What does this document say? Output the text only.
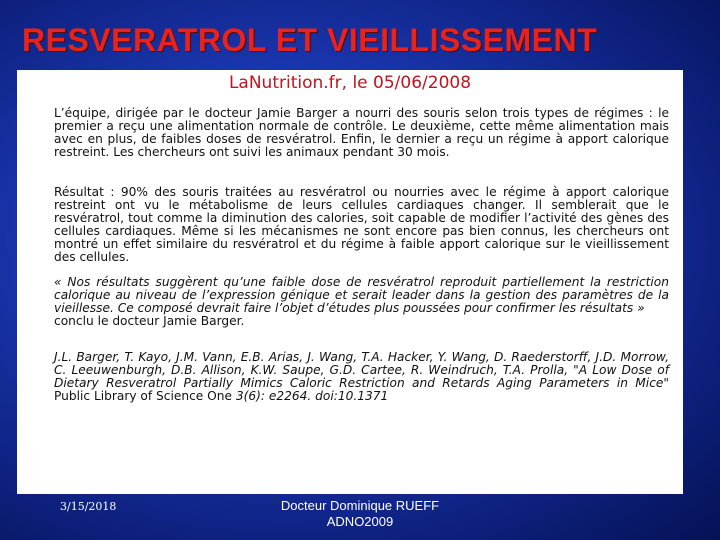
RESVERATROL ET VIEILLISSEMENT
LaNutrition.fr, le 05/06/2008

L’équipe, dirigée par le docteur Jamie Barger a nourri des souris selon trois types de régimes : le premier a reçu une alimentation normale de contrôle. Le deuxième, cette même alimentation mais avec en plus, de faibles doses de resvératrol. Enfin, le dernier a reçu un régime à apport calorique restreint. Les chercheurs ont suivi les animaux pendant 30 mois.

Résultat : 90% des souris traitées au resvératrol ou nourries avec le régime à apport calorique restreint ont vu le métabolisme de leurs cellules cardiaques changer. Il semblerait que le resvératrol, tout comme la diminution des calories, soit capable de modifier l’activité des gènes des cellules cardiaques. Même si les mécanismes ne sont encore pas bien connus, les chercheurs ont montré un effet similaire du resvératrol et du régime à faible apport calorique sur le vieillissement des cellules.

« Nos résultats suggèrent qu’une faible dose de resvératrol reproduit partiellement la restriction calorique au niveau de l’expression génique et serait leader dans la gestion des paramètres de la vieillesse. Ce composé devrait faire l’objet d’études plus poussées pour confirmer les résultats »
conclu le docteur Jamie Barger.

J.L. Barger, T. Kayo, J.M. Vann, E.B. Arias, J. Wang, T.A. Hacker, Y. Wang, D. Raederstorff, J.D. Morrow, C. Leeuwenburgh, D.B. Allison, K.W. Saupe, G.D. Cartee, R. Weindruch, T.A. Prolla, "A Low Dose of Dietary Resveratrol Partially Mimics Caloric Restriction and Retards Aging Parameters in Mice" Public Library of Science One 3(6): e2264. doi:10.1371

3/15/2018	Docteur Dominique RUEFF
ADNO2009
